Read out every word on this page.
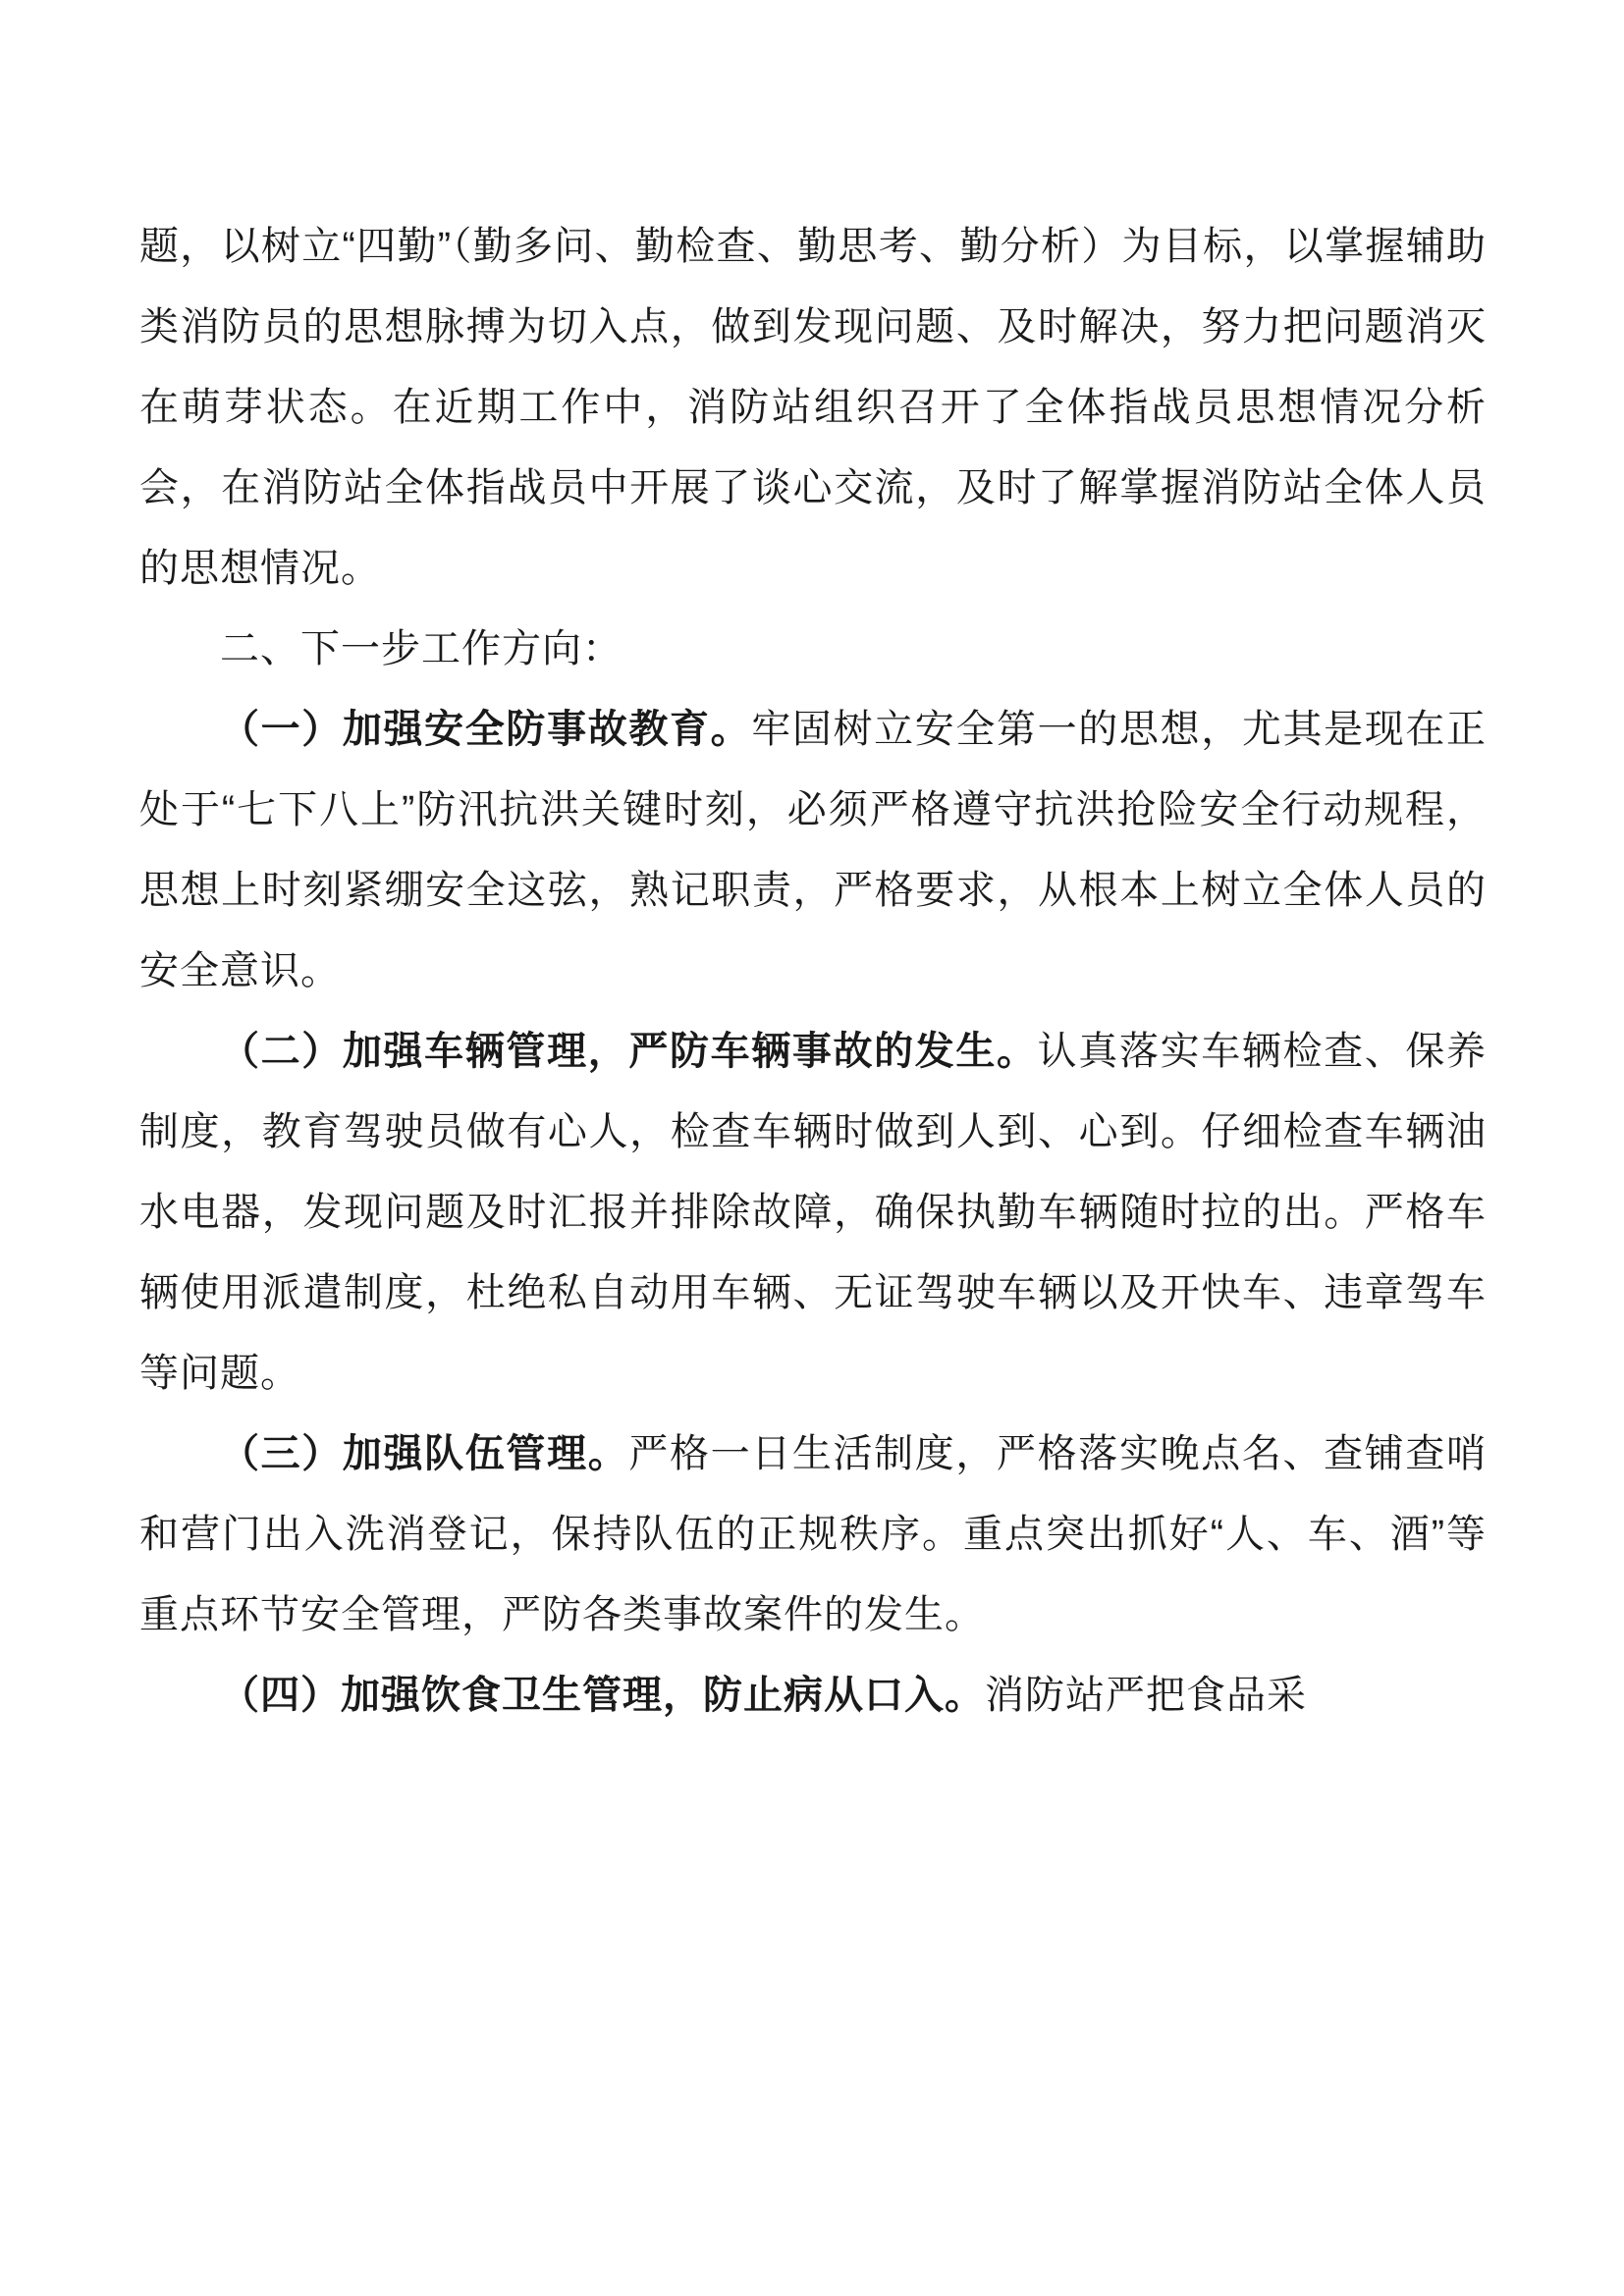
题，以树立“四勤”（勤多问、勤检查、勤思考、勤分析）为目标，以掌握辅助类消防员的思想脉搏为切入点，做到发现问题、及时解决，努力把问题消灭在萌芽状态。在近期工作中，消防站组织召开了全体指战员思想情况分析会，在消防站全体指战员中开展了谈心交流，及时了解掌握消防站全体人员的思想情况。

二、下一步工作方向：

（一）加强安全防事故教育。牢固树立安全第一的思想，尤其是现在正处于“七下八上”防汛抗洪关键时刻，必须严格遵守抗洪抢险安全行动规程，思想上时刻紧绷安全这弦，熟记职责，严格要求，从根本上树立全体人员的安全意识。

（二）加强车辆管理，严防车辆事故的发生。认真落实车辆检查、保养制度，教育驾驶员做有心人，检查车辆时做到人到、心到。仔细检查车辆油水电器，发现问题及时汇报并排除故障，确保执勤车辆随时拉的出。严格车辆使用派遣制度，杜绝私自动用车辆、无证驾驶车辆以及开快车、违章驾车等问题。

（三）加强队伍管理。严格一日生活制度，严格落实晚点名、查铺查哨和营门出入洗消登记，保持队伍的正规秩序。重点突出抓好“人、车、酒”等重点环节安全管理，严防各类事故案件的发生。

（四）加强饮食卫生管理，防止病从口入。消防站严把食品采
